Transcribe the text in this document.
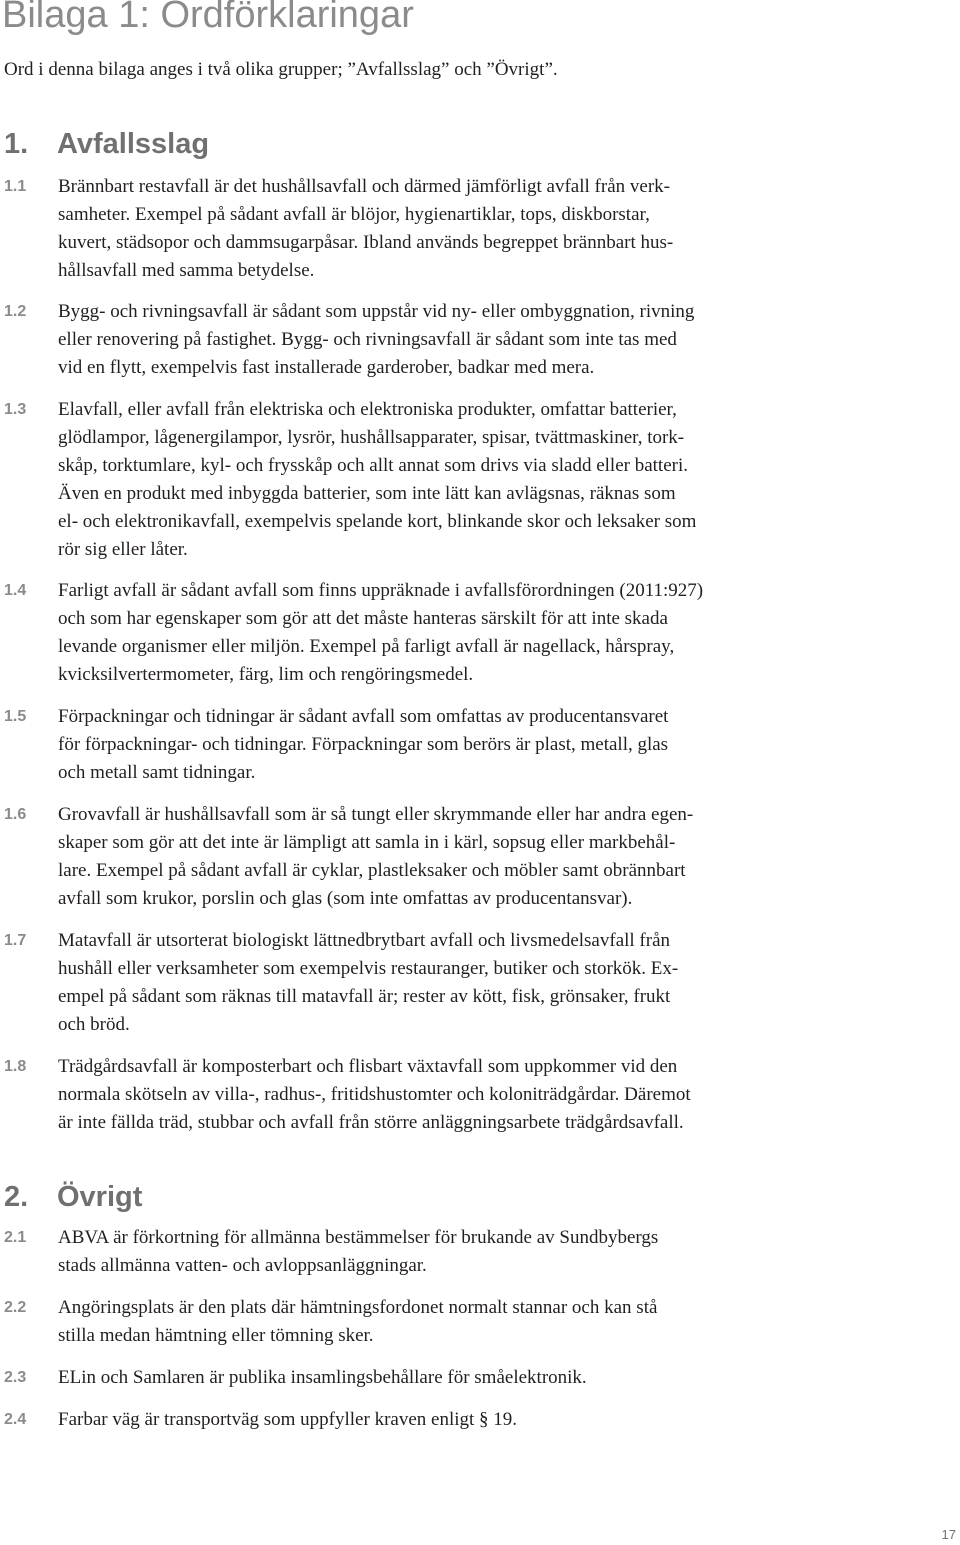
Bilaga 1: Ordförklaringar

Ord i denna bilaga anges i två olika grupper; ”Avfallsslag” och ”Övrigt”.

1. Avfallsslag
1.1 Brännbart restavfall är det hushållsavfall och därmed jämförligt avfall från verk-
samheter. Exempel på sådant avfall är blöjor, hygienartiklar, tops, diskborstar,
kuvert, städsopor och dammsugarpåsar. Ibland används begreppet brännbart hus-
hållsavfall med samma betydelse.

1.2 Bygg- och rivningsavfall är sådant som uppstår vid ny- eller ombyggnation, rivning
eller renovering på fastighet. Bygg- och rivningsavfall är sådant som inte tas med
vid en flytt, exempelvis fast installerade garderober, badkar med mera.

1.3 Elavfall, eller avfall från elektriska och elektroniska produkter, omfattar batterier,
glödlampor, lågenergilampor, lysrör, hushållsapparater, spisar, tvättmaskiner, tork-
skåp, torktumlare, kyl- och frysskåp och allt annat som drivs via sladd eller batteri.
Även en produkt med inbyggda batterier, som inte lätt kan avlägsnas, räknas som
el- och elektronikavfall, exempelvis spelande kort, blinkande skor och leksaker som
rör sig eller låter.

1.4 Farligt avfall är sådant avfall som finns uppräknade i avfallsförordningen (2011:927)
och som har egenskaper som gör att det måste hanteras särskilt för att inte skada
levande organismer eller miljön. Exempel på farligt avfall är nagellack, hårspray,
kvicksilvertermometer, färg, lim och rengöringsmedel.

1.5 Förpackningar och tidningar är sådant avfall som omfattas av producentansvaret
för förpackningar- och tidningar. Förpackningar som berörs är plast, metall, glas
och metall samt tidningar.

1.6 Grovavfall är hushållsavfall som är så tungt eller skrymmande eller har andra egen-
skaper som gör att det inte är lämpligt att samla in i kärl, sopsug eller markbehål-
lare. Exempel på sådant avfall är cyklar, plastleksaker och möbler samt obrännbart
avfall som krukor, porslin och glas (som inte omfattas av producentansvar).

1.7 Matavfall är utsorterat biologiskt lättnedbrytbart avfall och livsmedelsavfall från
hushåll eller verksamheter som exempelvis restauranger, butiker och storkök. Ex-
empel på sådant som räknas till matavfall är; rester av kött, fisk, grönsaker, frukt
och bröd.

1.8 Trädgårdsavfall är komposterbart och flisbart växtavfall som uppkommer vid den
normala skötseln av villa-, radhus-, fritidshustomter och koloniträdgårdar. Däremot
är inte fällda träd, stubbar och avfall från större anläggningsarbete trädgårdsavfall.

2. Övrigt
2.1 ABVA är förkortning för allmänna bestämmelser för brukande av Sundbybergs
stads allmänna vatten- och avloppsanläggningar.

2.2 Angöringsplats är den plats där hämtningsfordonet normalt stannar och kan stå
stilla medan hämtning eller tömning sker.

2.3 ELin och Samlaren är publika insamlingsbehållare för småelektronik.

2.4 Farbar väg är transportväg som uppfyller kraven enligt § 19.

17
